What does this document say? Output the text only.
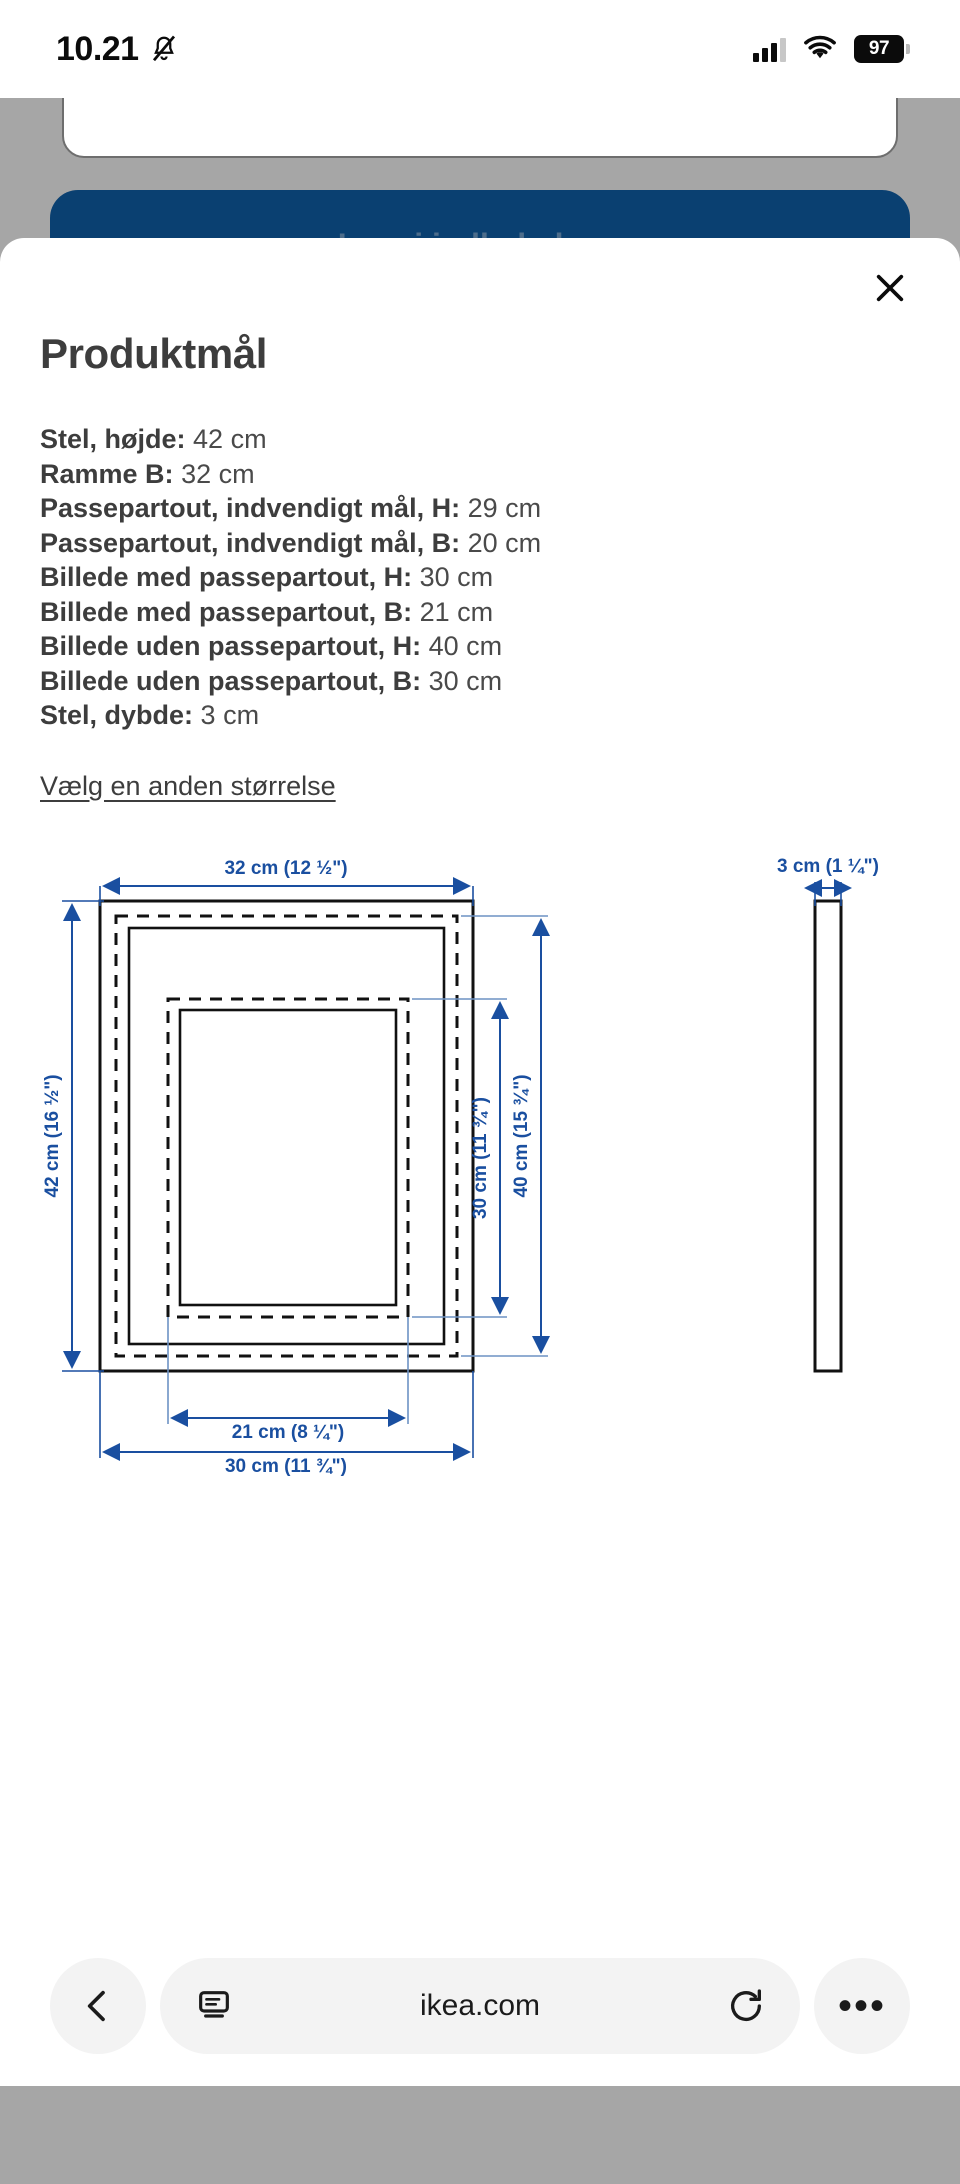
10.21	97
Produktmål
Stel, højde: 42 cm
Ramme B: 32 cm
Passepartout, indvendigt mål, H: 29 cm
Passepartout, indvendigt mål, B: 20 cm
Billede med passepartout, H: 30 cm
Billede med passepartout, B: 21 cm
Billede uden passepartout, H: 40 cm
Billede uden passepartout, B: 30 cm
Stel, dybde: 3 cm
Vælg en anden størrelse
32 cm (12 ½")
42 cm (16 ½")	30 cm (11 ¾") 40 cm (15 ¾")
21 cm (8 ¼")
30 cm (11 ¾")
3 cm (1 ¼")
ikea.com	•••
